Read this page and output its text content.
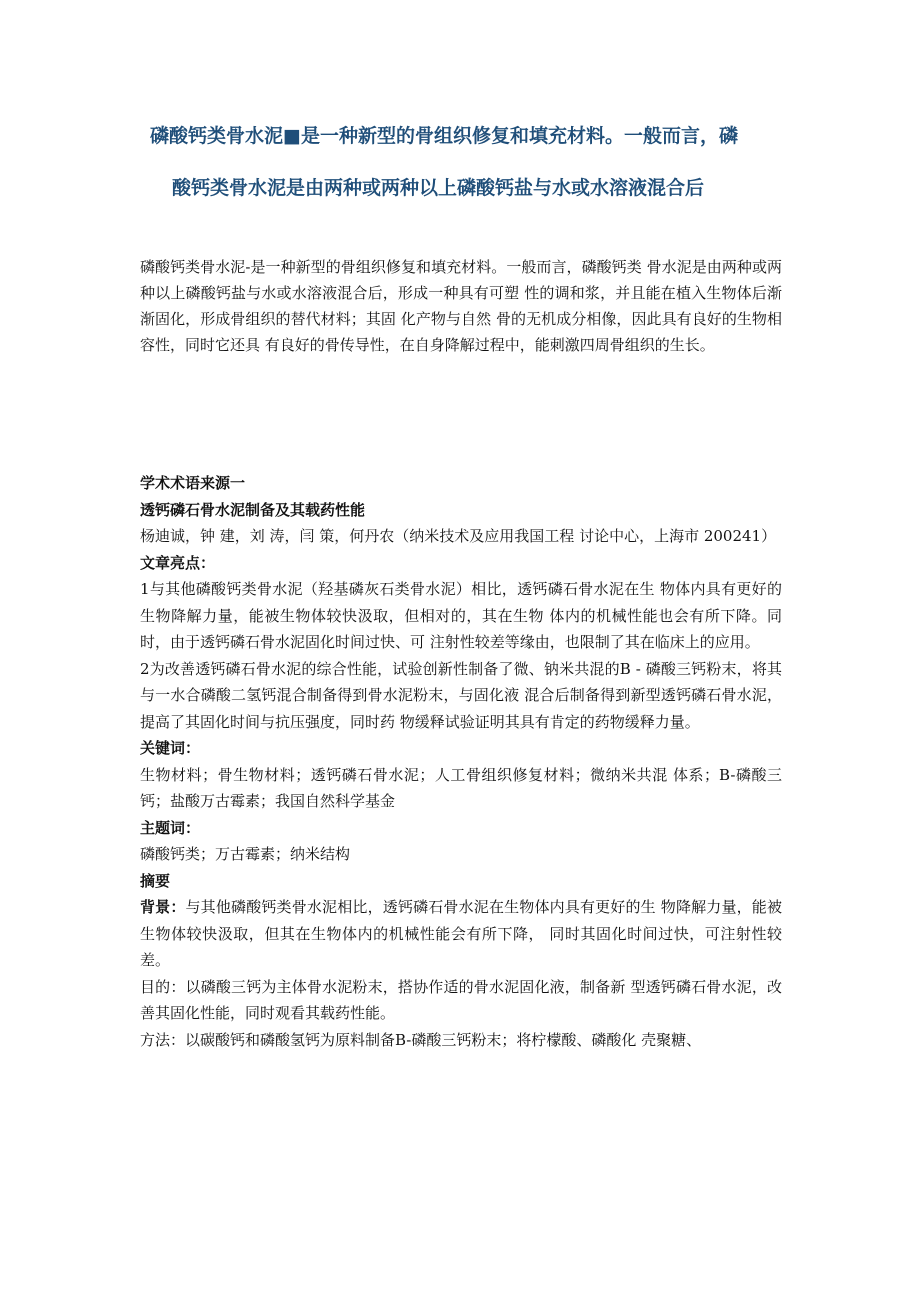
磷酸钙类骨水泥■是一种新型的骨组织修复和填充材料。一般而言，磷
酸钙类骨水泥是由两种或两种以上磷酸钙盐与水或水溶液混合后
磷酸钙类骨水泥-是一种新型的骨组织修复和填充材料。一般而言，磷酸钙类 骨水泥是由两种或两种以上磷酸钙盐与水或水溶液混合后，形成一种具有可塑 性的调和浆，并且能在植入生物体后渐渐固化，形成骨组织的替代材料；其固 化产物与自然 骨的无机成分相像，因此具有良好的生物相容性，同时它还具 有良好的骨传导性，在自身降解过程中，能刺激四周骨组织的生长。
学术术语来源一
透钙磷石骨水泥制备及其载药性能
杨迪诚，钟 建，刘 涛，闫 策，何丹农（纳米技术及应用我国工程 讨论中心，上海市 200241）
文章亮点：
1与其他磷酸钙类骨水泥（羟基磷灰石类骨水泥）相比，透钙磷石骨水泥在生 物体内具有更好的生物降解力量，能被生物体较快汲取，但相对的，其在生物 体内的机械性能也会有所下降。同时，由于透钙磷石骨水泥固化时间过快、可 注射性较差等缘由，也限制了其在临床上的应用。
2为改善透钙磷石骨水泥的综合性能，试验创新性制备了微、钠米共混的B - 磷酸三钙粉末，将其与一水合磷酸二氢钙混合制备得到骨水泥粉末，与固化液 混合后制备得到新型透钙磷石骨水泥，提高了其固化时间与抗压强度，同时药 物缓释试验证明其具有肯定的药物缓释力量。
关键词：
生物材料；骨生物材料；透钙磷石骨水泥；人工骨组织修复材料；微纳米共混 体系；B-磷酸三钙；盐酸万古霉素；我国自然科学基金
主题词：
磷酸钙类；万古霉素；纳米结构
摘要
背景：与其他磷酸钙类骨水泥相比，透钙磷石骨水泥在生物体内具有更好的生 物降解力量，能被生物体较快汲取，但其在生物体内的机械性能会有所下降， 同时其固化时间过快，可注射性较差。
目的：以磷酸三钙为主体骨水泥粉末，搭协作适的骨水泥固化液，制备新 型透钙磷石骨水泥，改善其固化性能，同时观看其载药性能。
方法：以碳酸钙和磷酸氢钙为原料制备B-磷酸三钙粉末；将柠檬酸、磷酸化 壳聚糖、
